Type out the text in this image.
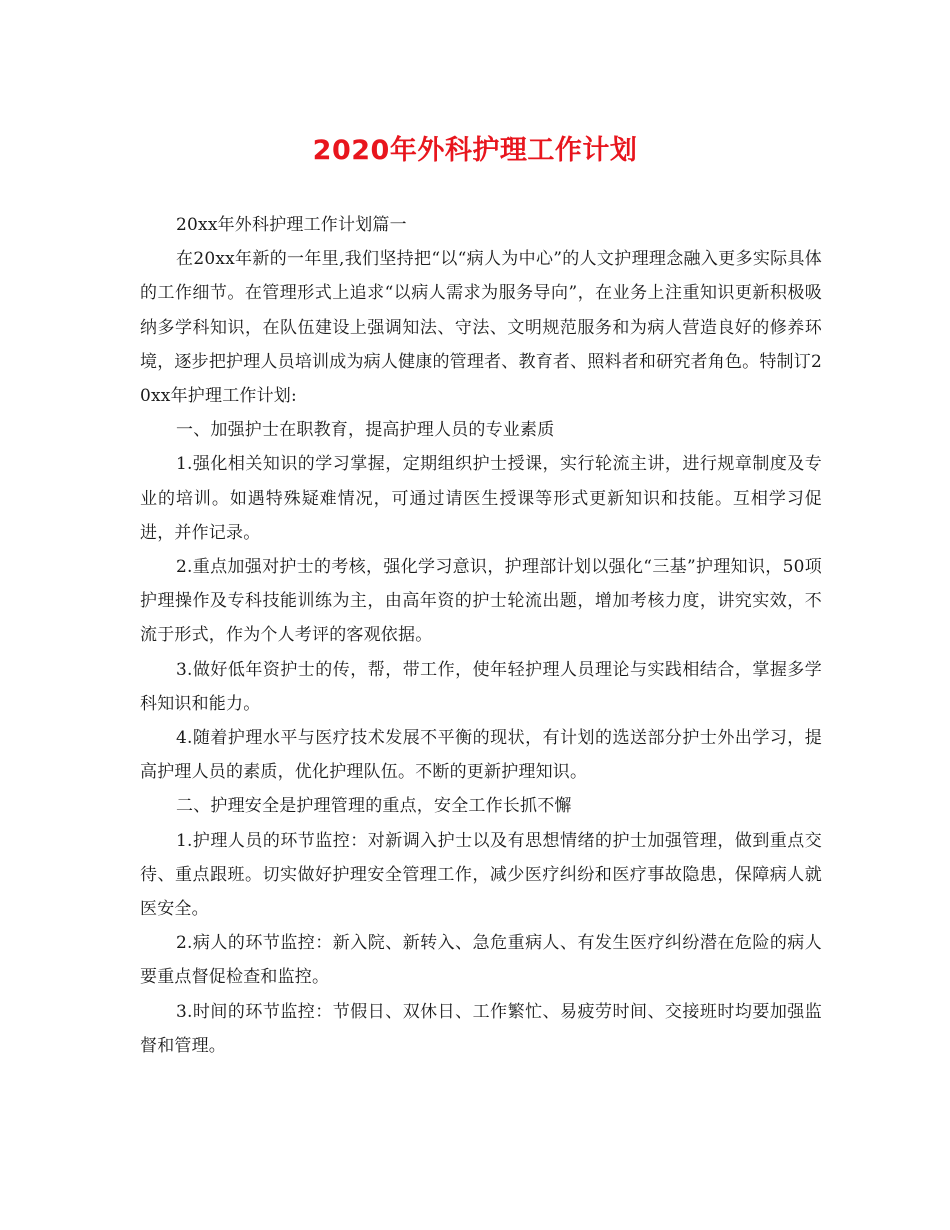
2020年外科护理工作计划

20xx年外科护理工作计划篇一

在20xx年新的一年里,我们坚持把“以“病人为中心”的人文护理理念融入更多实际具体的工作细节。在管理形式上追求“以病人需求为服务导向”，在业务上注重知识更新积极吸纳多学科知识，在队伍建设上强调知法、守法、文明规范服务和为病人营造良好的修养环境，逐步把护理人员培训成为病人健康的管理者、教育者、照料者和研究者角色。特制订20xx年护理工作计划:

一、加强护士在职教育，提高护理人员的专业素质

1.强化相关知识的学习掌握，定期组织护士授课，实行轮流主讲，进行规章制度及专业的培训。如遇特殊疑难情况，可通过请医生授课等形式更新知识和技能。互相学习促进，并作记录。

2.重点加强对护士的考核，强化学习意识，护理部计划以强化“三基”护理知识，50项护理操作及专科技能训练为主，由高年资的护士轮流出题，增加考核力度，讲究实效，不流于形式，作为个人考评的客观依据。

3.做好低年资护士的传，帮，带工作，使年轻护理人员理论与实践相结合，掌握多学科知识和能力。

4.随着护理水平与医疗技术发展不平衡的现状，有计划的选送部分护士外出学习，提高护理人员的素质，优化护理队伍。不断的更新护理知识。

二、护理安全是护理管理的重点，安全工作长抓不懈

1.护理人员的环节监控：对新调入护士以及有思想情绪的护士加强管理，做到重点交待、重点跟班。切实做好护理安全管理工作，减少医疗纠纷和医疗事故隐患，保障病人就医安全。

2.病人的环节监控：新入院、新转入、急危重病人、有发生医疗纠纷潜在危险的病人要重点督促检查和监控。

3.时间的环节监控：节假日、双休日、工作繁忙、易疲劳时间、交接班时均要加强监督和管理。
